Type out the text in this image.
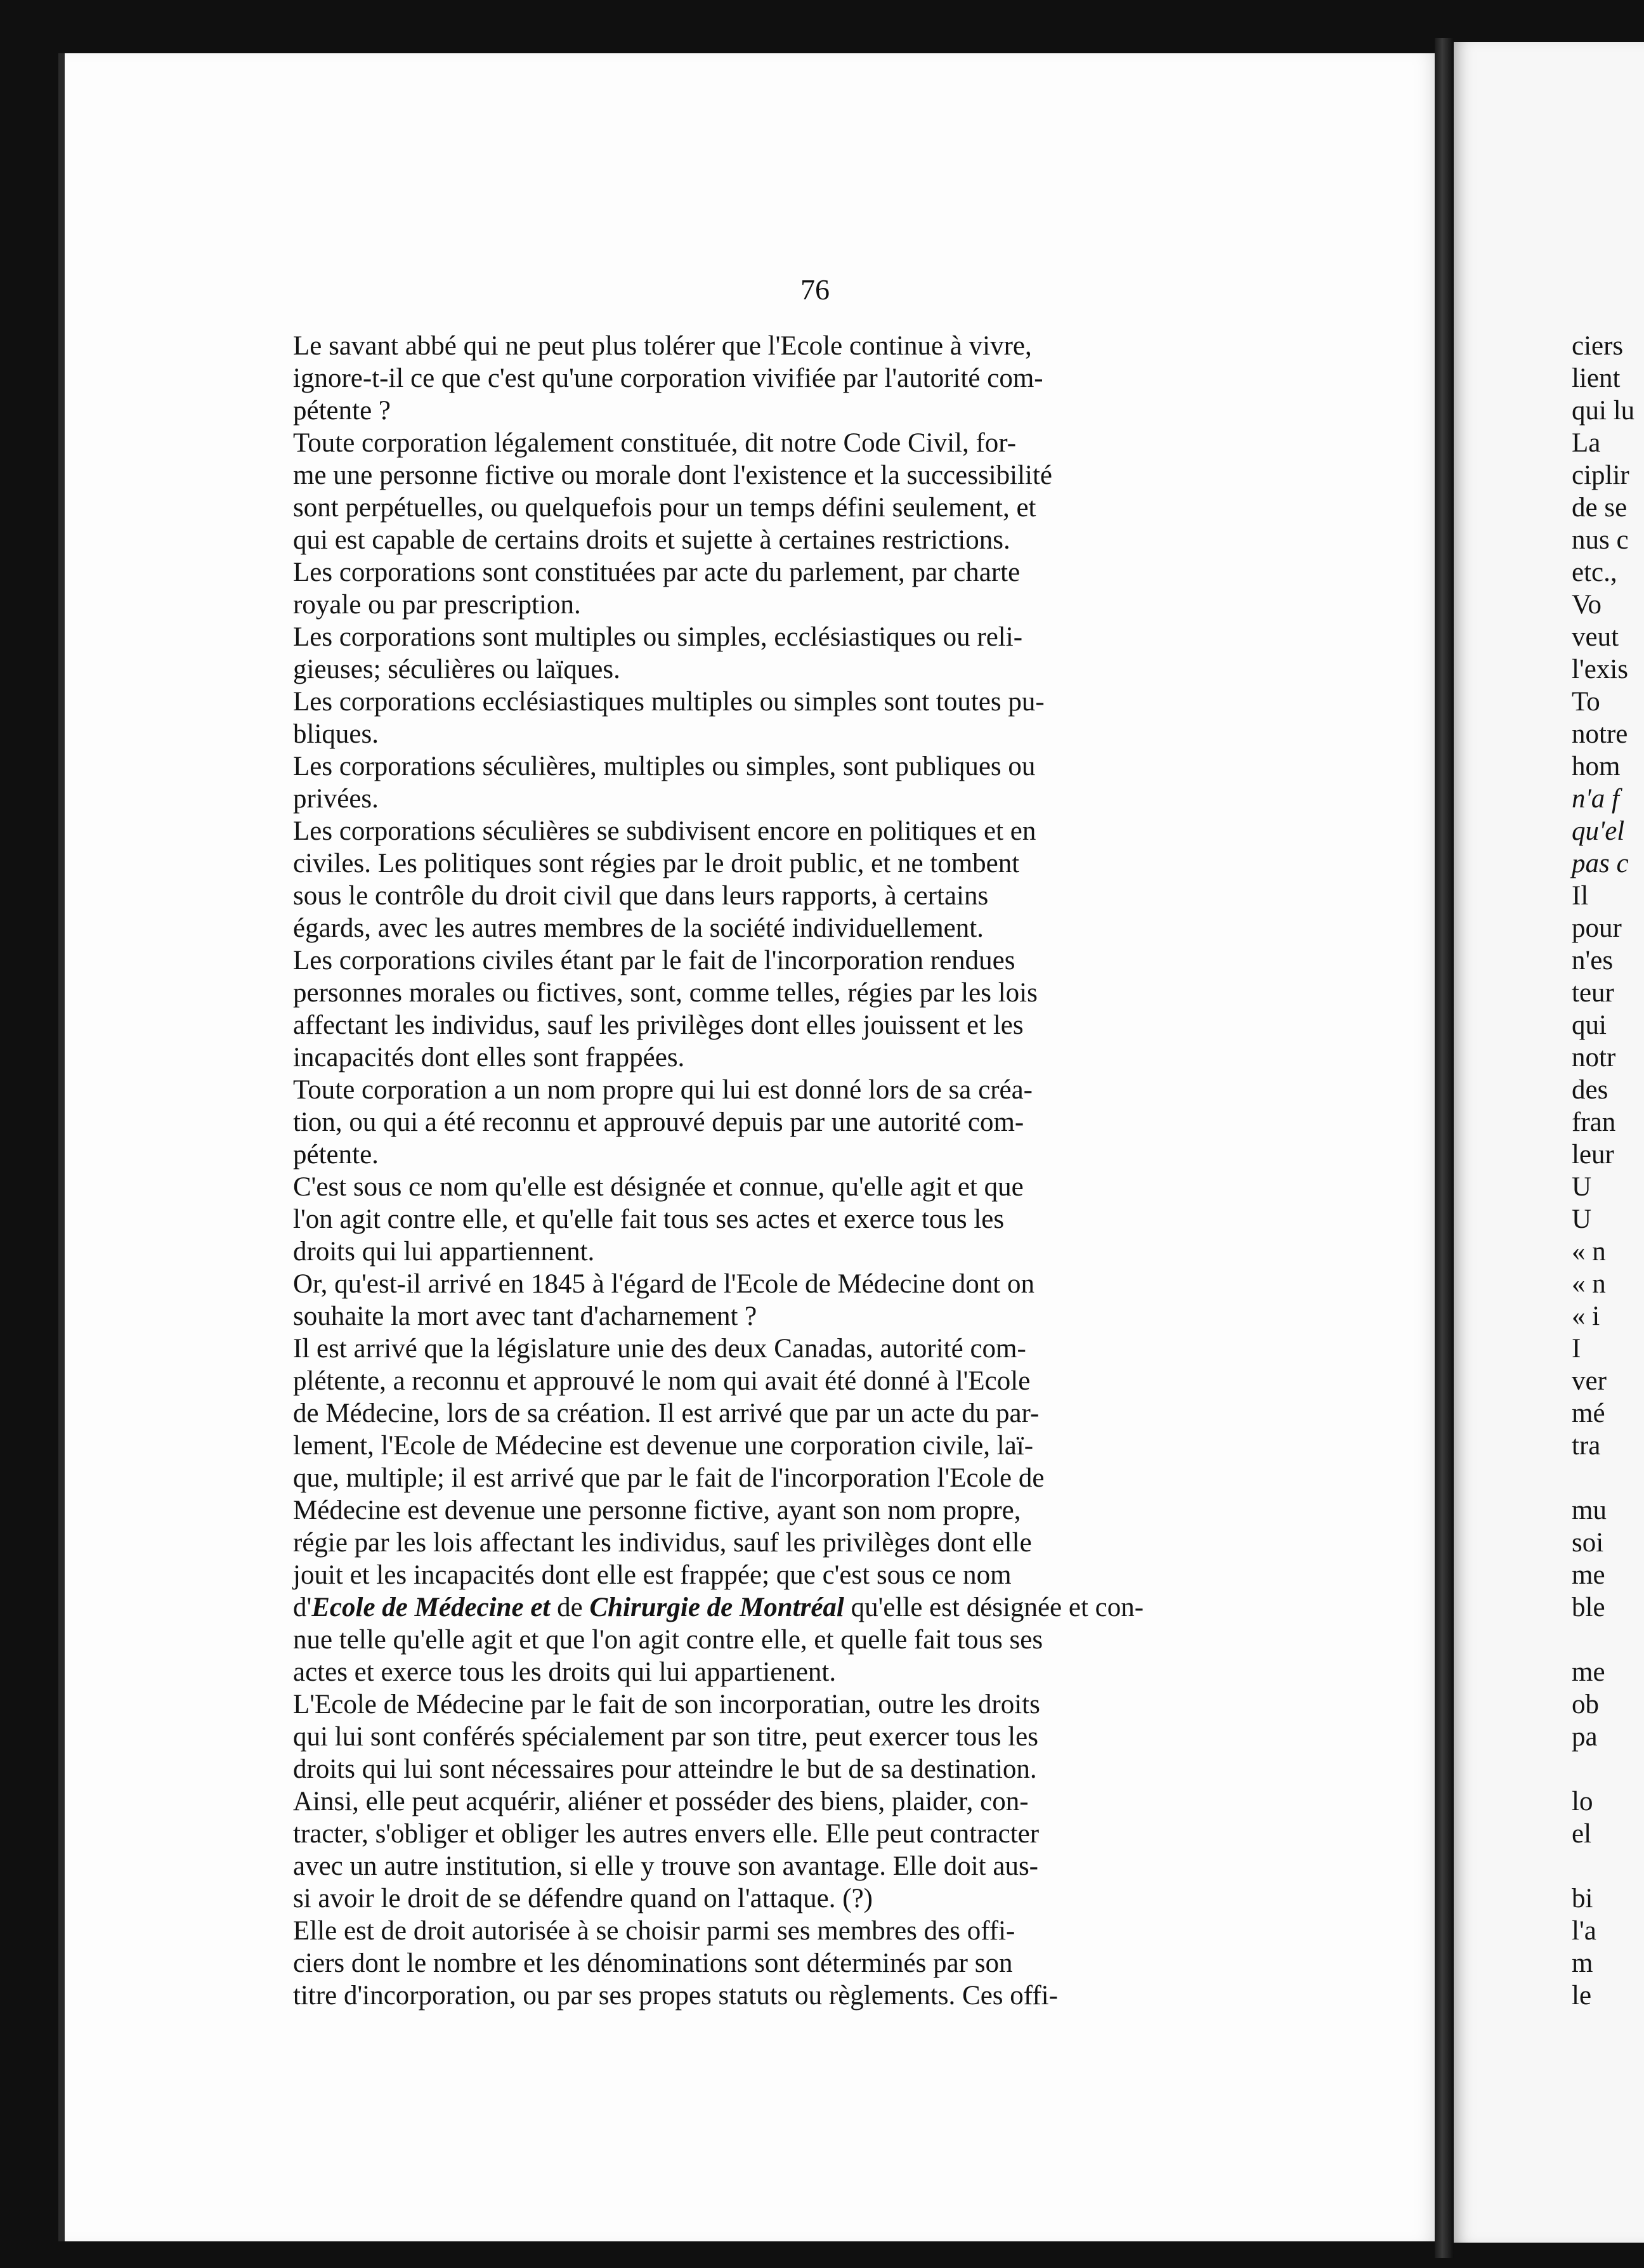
76
Le savant abbé qui ne peut plus tolérer que l'Ecole continue à vivre,
ignore-t-il ce que c'est qu'une corporation vivifiée par l'autorité com-
pétente ?
Toute corporation légalement constituée, dit notre Code Civil, for-
me une personne fictive ou morale dont l'existence et la successibilité
sont perpétuelles, ou quelquefois pour un temps défini seulement, et
qui est capable de certains droits et sujette à certaines restrictions.
Les corporations sont constituées par acte du parlement, par charte
royale ou par prescription.
Les corporations sont multiples ou simples, ecclésiastiques ou reli-
gieuses; séculières ou laïques.
Les corporations ecclésiastiques multiples ou simples sont toutes pu-
bliques.
Les corporations séculières, multiples ou simples, sont publiques ou
privées.
Les corporations séculières se subdivisent encore en politiques et en
civiles. Les politiques sont régies par le droit public, et ne tombent
sous le contrôle du droit civil que dans leurs rapports, à certains
égards, avec les autres membres de la société individuellement.
Les corporations civiles étant par le fait de l'incorporation rendues
personnes morales ou fictives, sont, comme telles, régies par les lois
affectant les individus, sauf les privilèges dont elles jouissent et les
incapacités dont elles sont frappées.
Toute corporation a un nom propre qui lui est donné lors de sa créa-
tion, ou qui a été reconnu et approuvé depuis par une autorité com-
pétente.
C'est sous ce nom qu'elle est désignée et connue, qu'elle agit et que
l'on agit contre elle, et qu'elle fait tous ses actes et exerce tous les
droits qui lui appartiennent.
Or, qu'est-il arrivé en 1845 à l'égard de l'Ecole de Médecine dont on
souhaite la mort avec tant d'acharnement ?
Il est arrivé que la législature unie des deux Canadas, autorité com-
plétente, a reconnu et approuvé le nom qui avait été donné à l'Ecole
de Médecine, lors de sa création. Il est arrivé que par un acte du par-
lement, l'Ecole de Médecine est devenue une corporation civile, laï-
que, multiple; il est arrivé que par le fait de l'incorporation l'Ecole de
Médecine est devenue une personne fictive, ayant son nom propre,
régie par les lois affectant les individus, sauf les privilèges dont elle
jouit et les incapacités dont elle est frappée; que c'est sous ce nom
d'Ecole de Médecine et de Chirurgie de Montréal qu'elle est désignée et con-
nue telle qu'elle agit et que l'on agit contre elle, et quelle fait tous ses
actes et exerce tous les droits qui lui appartienent.
L'Ecole de Médecine par le fait de son incorporatian, outre les droits
qui lui sont conférés spécialement par son titre, peut exercer tous les
droits qui lui sont nécessaires pour atteindre le but de sa destination.
Ainsi, elle peut acquérir, aliéner et posséder des biens, plaider, con-
tracter, s'obliger et obliger les autres envers elle. Elle peut contracter
avec un autre institution, si elle y trouve son avantage. Elle doit aus-
si avoir le droit de se défendre quand on l'attaque. (?)
Elle est de droit autorisée à se choisir parmi ses membres des offi-
ciers dont le nombre et les dénominations sont déterminés par son
titre d'incorporation, ou par ses propes statuts ou règlements. Ces offi-
ciers
lient
qui lu
La
ciplir
de se
nus c
etc.,
Vo
veut
l'exis
To
notre
hom
n'a f
qu'el
pas c
Il
pour
n'es
teur
qui
notr
des
fran
leur
U
U
« n
« n
« i
I
ver
mé
tra
mu
soi
me
ble
me
ob
pa
lo
el
bi
l'a
m
le
